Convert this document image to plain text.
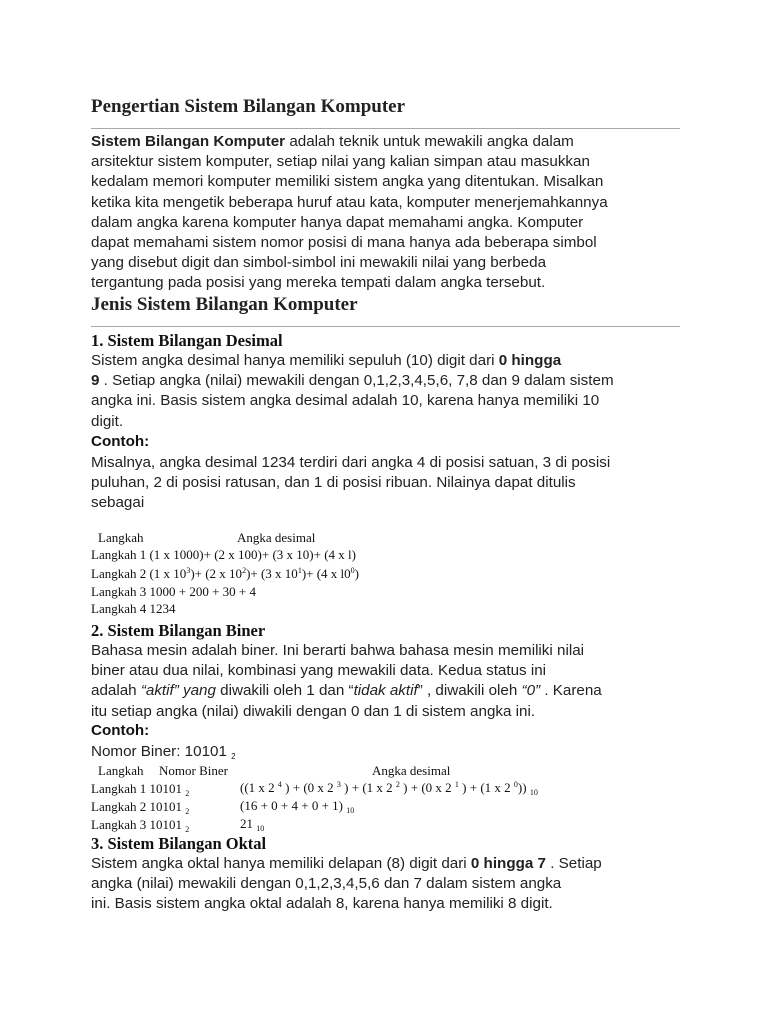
Pengertian Sistem Bilangan Komputer
Sistem Bilangan Komputer adalah teknik untuk mewakili angka dalam
arsitektur sistem komputer, setiap nilai yang kalian simpan atau masukkan
kedalam memori komputer memiliki sistem angka yang ditentukan. Misalkan
ketika kita mengetik beberapa huruf atau kata, komputer menerjemahkannya
dalam angka karena komputer hanya dapat memahami angka. Komputer
dapat memahami sistem nomor posisi di mana hanya ada beberapa simbol
yang disebut digit dan simbol-simbol ini mewakili nilai yang berbeda
tergantung pada posisi yang mereka tempati dalam angka tersebut.
Jenis Sistem Bilangan Komputer
1. Sistem Bilangan Desimal
Sistem angka desimal hanya memiliki sepuluh (10) digit dari 0 hingga
9 . Setiap angka (nilai) mewakili dengan 0,1,2,3,4,5,6, 7,8 dan 9 dalam sistem
angka ini. Basis sistem angka desimal adalah 10, karena hanya memiliki 10
digit.
Contoh:
Misalnya, angka desimal 1234 terdiri dari angka 4 di posisi satuan, 3 di posisi
puluhan, 2 di posisi ratusan, dan 1 di posisi ribuan. Nilainya dapat ditulis
sebagai
Langkah	Angka desimal
Langkah 1 (1 x 1000)+ (2 x 100)+ (3 x 10)+ (4 x l)
Langkah 2 (1 x $10^3)+ (2$ x $10^2)+ (3$ x $10^1)+ (4$ x $l0^0$)
Langkah 3 1000 + 200 + 30 + 4
Langkah 4 1234
2. Sistem Bilangan Biner
Bahasa mesin adalah biner. Ini berarti bahwa bahasa mesin memiliki nilai
biner atau dua nilai, kombinasi yang mewakili data. Kedua status ini
adalah “aktif” yang diwakili oleh 1 dan “tidak aktif” , diwakili oleh “0” . Karena
itu setiap angka (nilai) diwakili dengan 0 dan 1 di sistem angka ini.
Contoh:
Nomor Biner: 10101 $_2$
Langkah Nomor Biner	Angka desimal
Langkah 1 10101 $_2$	((1 x 2 $^4$ ) + (0 x 2 $^3$ ) + (1 x 2 $^2$ ) + (0 x 2 $^1$ ) + (1 x 2 $^0$)) $_{10}$
Langkah 2 10101 $_2$	(16 + 0 + 4 + 0 + 1) $_{10}$
Langkah 3 10101 $_2$	21 $_{10}$
3. Sistem Bilangan Oktal
Sistem angka oktal hanya memiliki delapan (8) digit dari 0 hingga 7 . Setiap
angka (nilai) mewakili dengan 0,1,2,3,4,5,6 dan 7 dalam sistem angka
ini. Basis sistem angka oktal adalah 8, karena hanya memiliki 8 digit.
